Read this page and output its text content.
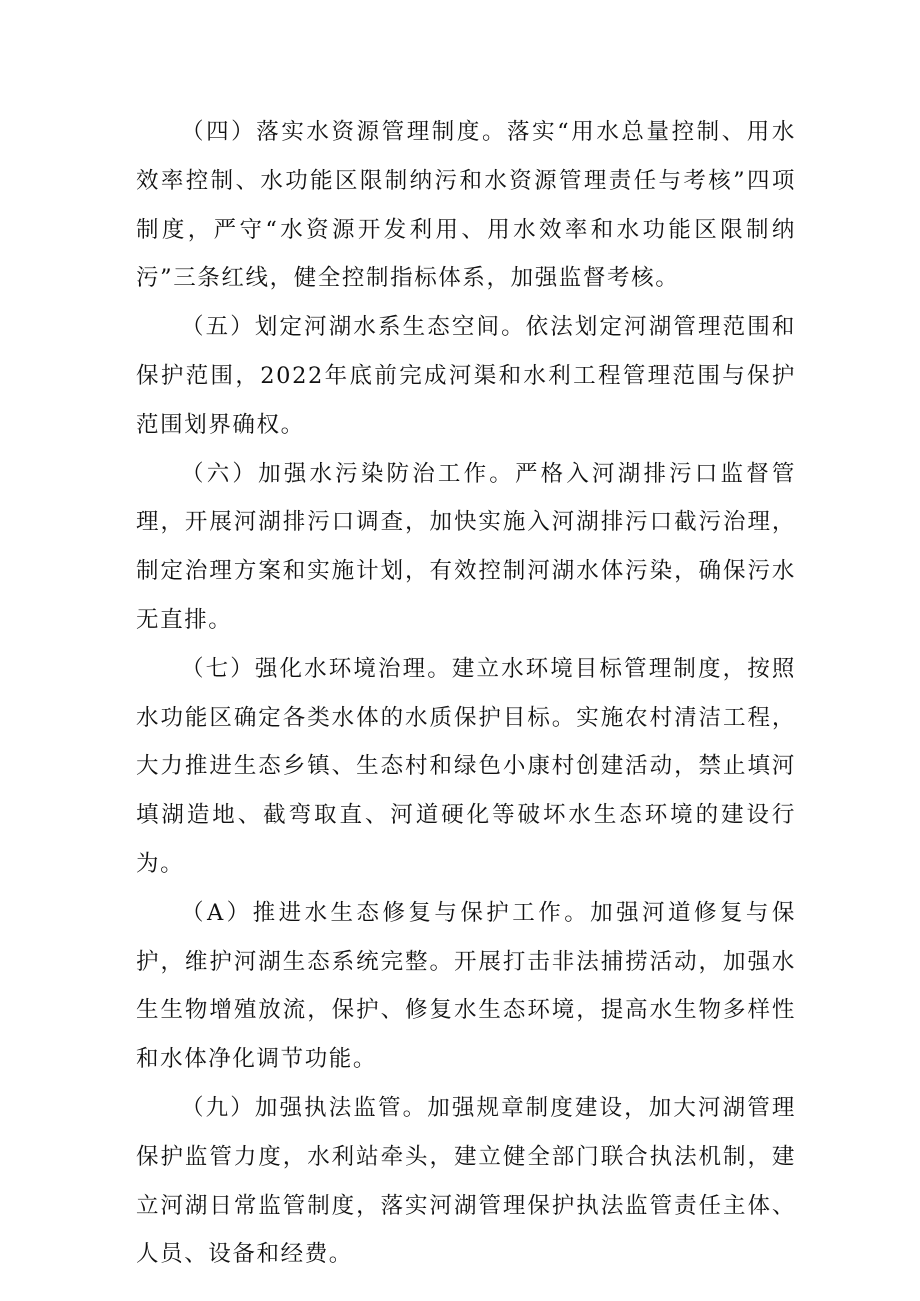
（四）落实水资源管理制度。落实“用水总量控制、用水效率控制、水功能区限制纳污和水资源管理责任与考核”四项制度，严守“水资源开发利用、用水效率和水功能区限制纳污”三条红线，健全控制指标体系，加强监督考核。

（五）划定河湖水系生态空间。依法划定河湖管理范围和保护范围，2022年底前完成河渠和水利工程管理范围与保护范围划界确权。

（六）加强水污染防治工作。严格入河湖排污口监督管理，开展河湖排污口调查，加快实施入河湖排污口截污治理，制定治理方案和实施计划，有效控制河湖水体污染，确保污水无直排。

（七）强化水环境治理。建立水环境目标管理制度，按照水功能区确定各类水体的水质保护目标。实施农村清洁工程，大力推进生态乡镇、生态村和绿色小康村创建活动，禁止填河填湖造地、截弯取直、河道硬化等破坏水生态环境的建设行为。

（A）推进水生态修复与保护工作。加强河道修复与保护，维护河湖生态系统完整。开展打击非法捕捞活动，加强水生生物增殖放流，保护、修复水生态环境，提高水生物多样性和水体净化调节功能。

（九）加强执法监管。加强规章制度建设，加大河湖管理保护监管力度，水利站牵头，建立健全部门联合执法机制，建立河湖日常监管制度，落实河湖管理保护执法监管责任主体、人员、设备和经费。
